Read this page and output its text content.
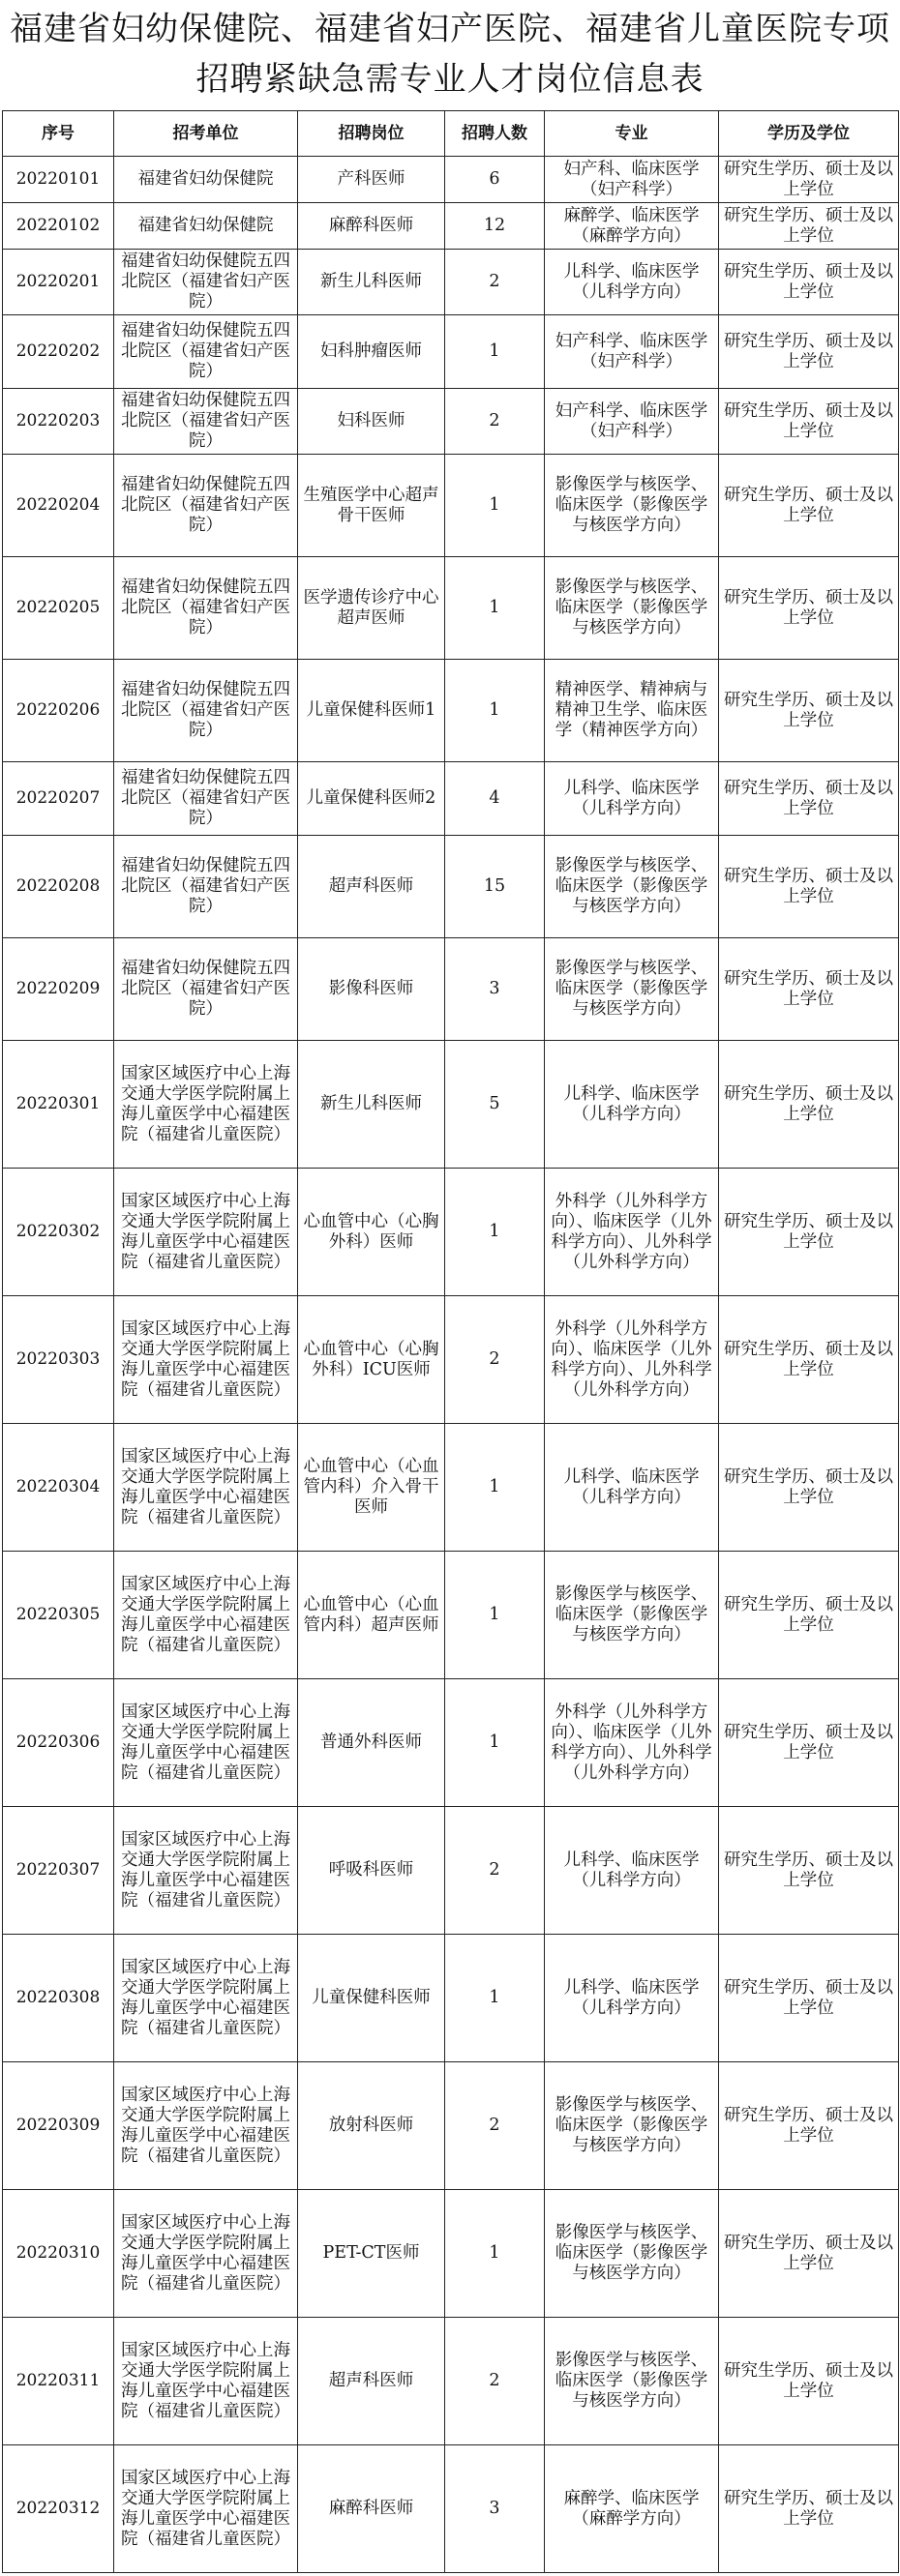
福建省妇幼保健院、福建省妇产医院、福建省儿童医院专项招聘紧缺急需专业人才岗位信息表
序号	招考单位	招聘岗位	招聘人数	专业	学历及学位
20220101	福建省妇幼保健院	产科医师	6	妇产科、临床医学（妇产科学）	研究生学历、硕士及以上学位
20220102	福建省妇幼保健院	麻醉科医师	12	麻醉学、临床医学（麻醉学方向）	研究生学历、硕士及以上学位
20220201	福建省妇幼保健院五四北院区（福建省妇产医院）	新生儿科医师	2	儿科学、临床医学（儿科学方向）	研究生学历、硕士及以上学位
20220202	福建省妇幼保健院五四北院区（福建省妇产医院）	妇科肿瘤医师	1	妇产科学、临床医学（妇产科学）	研究生学历、硕士及以上学位
20220203	福建省妇幼保健院五四北院区（福建省妇产医院）	妇科医师	2	妇产科学、临床医学（妇产科学）	研究生学历、硕士及以上学位
20220204	福建省妇幼保健院五四北院区（福建省妇产医院）	生殖医学中心超声骨干医师	1	影像医学与核医学、临床医学（影像医学与核医学方向）	研究生学历、硕士及以上学位
20220205	福建省妇幼保健院五四北院区（福建省妇产医院）	医学遗传诊疗中心超声医师	1	影像医学与核医学、临床医学（影像医学与核医学方向）	研究生学历、硕士及以上学位
20220206	福建省妇幼保健院五四北院区（福建省妇产医院）	儿童保健科医师1	1	精神医学、精神病与精神卫生学、临床医学（精神医学方向）	研究生学历、硕士及以上学位
20220207	福建省妇幼保健院五四北院区（福建省妇产医院）	儿童保健科医师2	4	儿科学、临床医学（儿科学方向）	研究生学历、硕士及以上学位
20220208	福建省妇幼保健院五四北院区（福建省妇产医院）	超声科医师	15	影像医学与核医学、临床医学（影像医学与核医学方向）	研究生学历、硕士及以上学位
20220209	福建省妇幼保健院五四北院区（福建省妇产医院）	影像科医师	3	影像医学与核医学、临床医学（影像医学与核医学方向）	研究生学历、硕士及以上学位
20220301	国家区域医疗中心上海交通大学医学院附属上海儿童医学中心福建医院（福建省儿童医院）	新生儿科医师	5	儿科学、临床医学（儿科学方向）	研究生学历、硕士及以上学位
20220302	国家区域医疗中心上海交通大学医学院附属上海儿童医学中心福建医院（福建省儿童医院）	心血管中心（心胸外科）医师	1	外科学（儿外科学方向）、临床医学（儿外科学方向）、儿外科学（儿外科学方向）	研究生学历、硕士及以上学位
20220303	国家区域医疗中心上海交通大学医学院附属上海儿童医学中心福建医院（福建省儿童医院）	心血管中心（心胸外科）ICU医师	2	外科学（儿外科学方向）、临床医学（儿外科学方向）、儿外科学（儿外科学方向）	研究生学历、硕士及以上学位
20220304	国家区域医疗中心上海交通大学医学院附属上海儿童医学中心福建医院（福建省儿童医院）	心血管中心（心血管内科）介入骨干医师	1	儿科学、临床医学（儿科学方向）	研究生学历、硕士及以上学位
20220305	国家区域医疗中心上海交通大学医学院附属上海儿童医学中心福建医院（福建省儿童医院）	心血管中心（心血管内科）超声医师	1	影像医学与核医学、临床医学（影像医学与核医学方向）	研究生学历、硕士及以上学位
20220306	国家区域医疗中心上海交通大学医学院附属上海儿童医学中心福建医院（福建省儿童医院）	普通外科医师	1	外科学（儿外科学方向）、临床医学（儿外科学方向）、儿外科学（儿外科学方向）	研究生学历、硕士及以上学位
20220307	国家区域医疗中心上海交通大学医学院附属上海儿童医学中心福建医院（福建省儿童医院）	呼吸科医师	2	儿科学、临床医学（儿科学方向）	研究生学历、硕士及以上学位
20220308	国家区域医疗中心上海交通大学医学院附属上海儿童医学中心福建医院（福建省儿童医院）	儿童保健科医师	1	儿科学、临床医学（儿科学方向）	研究生学历、硕士及以上学位
20220309	国家区域医疗中心上海交通大学医学院附属上海儿童医学中心福建医院（福建省儿童医院）	放射科医师	2	影像医学与核医学、临床医学（影像医学与核医学方向）	研究生学历、硕士及以上学位
20220310	国家区域医疗中心上海交通大学医学院附属上海儿童医学中心福建医院（福建省儿童医院）	PET-CT医师	1	影像医学与核医学、临床医学（影像医学与核医学方向）	研究生学历、硕士及以上学位
20220311	国家区域医疗中心上海交通大学医学院附属上海儿童医学中心福建医院（福建省儿童医院）	超声科医师	2	影像医学与核医学、临床医学（影像医学与核医学方向）	研究生学历、硕士及以上学位
20220312	国家区域医疗中心上海交通大学医学院附属上海儿童医学中心福建医院（福建省儿童医院）	麻醉科医师	3	麻醉学、临床医学（麻醉学方向）	研究生学历、硕士及以上学位
